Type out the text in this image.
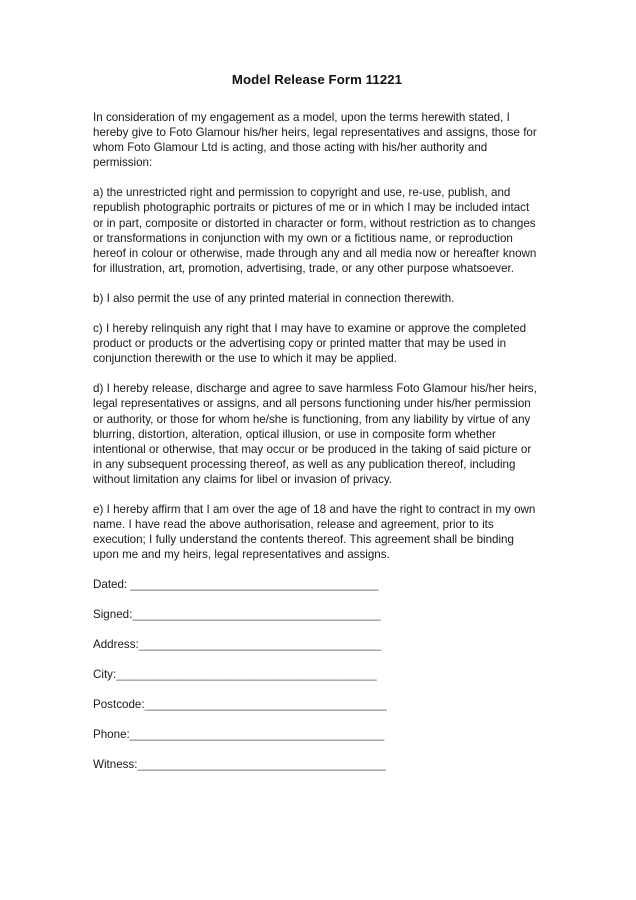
Model Release Form 11221

In consideration of my engagement as a model, upon the terms herewith stated, I hereby give to Foto Glamour his/her heirs, legal representatives and assigns, those for whom Foto Glamour Ltd is acting, and those acting with his/her authority and permission:

a) the unrestricted right and permission to copyright and use, re-use, publish, and republish photographic portraits or pictures of me or in which I may be included intact or in part, composite or distorted in character or form, without restriction as to changes or transformations in conjunction with my own or a fictitious name, or reproduction hereof in colour or otherwise, made through any and all media now or hereafter known for illustration, art, promotion, advertising, trade, or any other purpose whatsoever.

b) I also permit the use of any printed material in connection therewith.

c) I hereby relinquish any right that I may have to examine or approve the completed product or products or the advertising copy or printed matter that may be used in conjunction therewith or the use to which it may be applied.

d) I hereby release, discharge and agree to save harmless Foto Glamour his/her heirs, legal representatives or assigns, and all persons functioning under his/her permission or authority, or those for whom he/she is functioning, from any liability by virtue of any blurring, distortion, alteration, optical illusion, or use in composite form whether intentional or otherwise, that may occur or be produced in the taking of said picture or in any subsequent processing thereof, as well as any publication thereof, including without limitation any claims for libel or invasion of privacy.

e) I hereby affirm that I am over the age of 18 and have the right to contract in my own name. I have read the above authorisation, release and agreement, prior to its execution; I fully understand the contents thereof. This agreement shall be binding upon me and my heirs, legal representatives and assigns.

Dated: _________________________________________
Signed:_________________________________________
Address:________________________________________
City:___________________________________________
Postcode:________________________________________
Phone:__________________________________________
Witness:_________________________________________
